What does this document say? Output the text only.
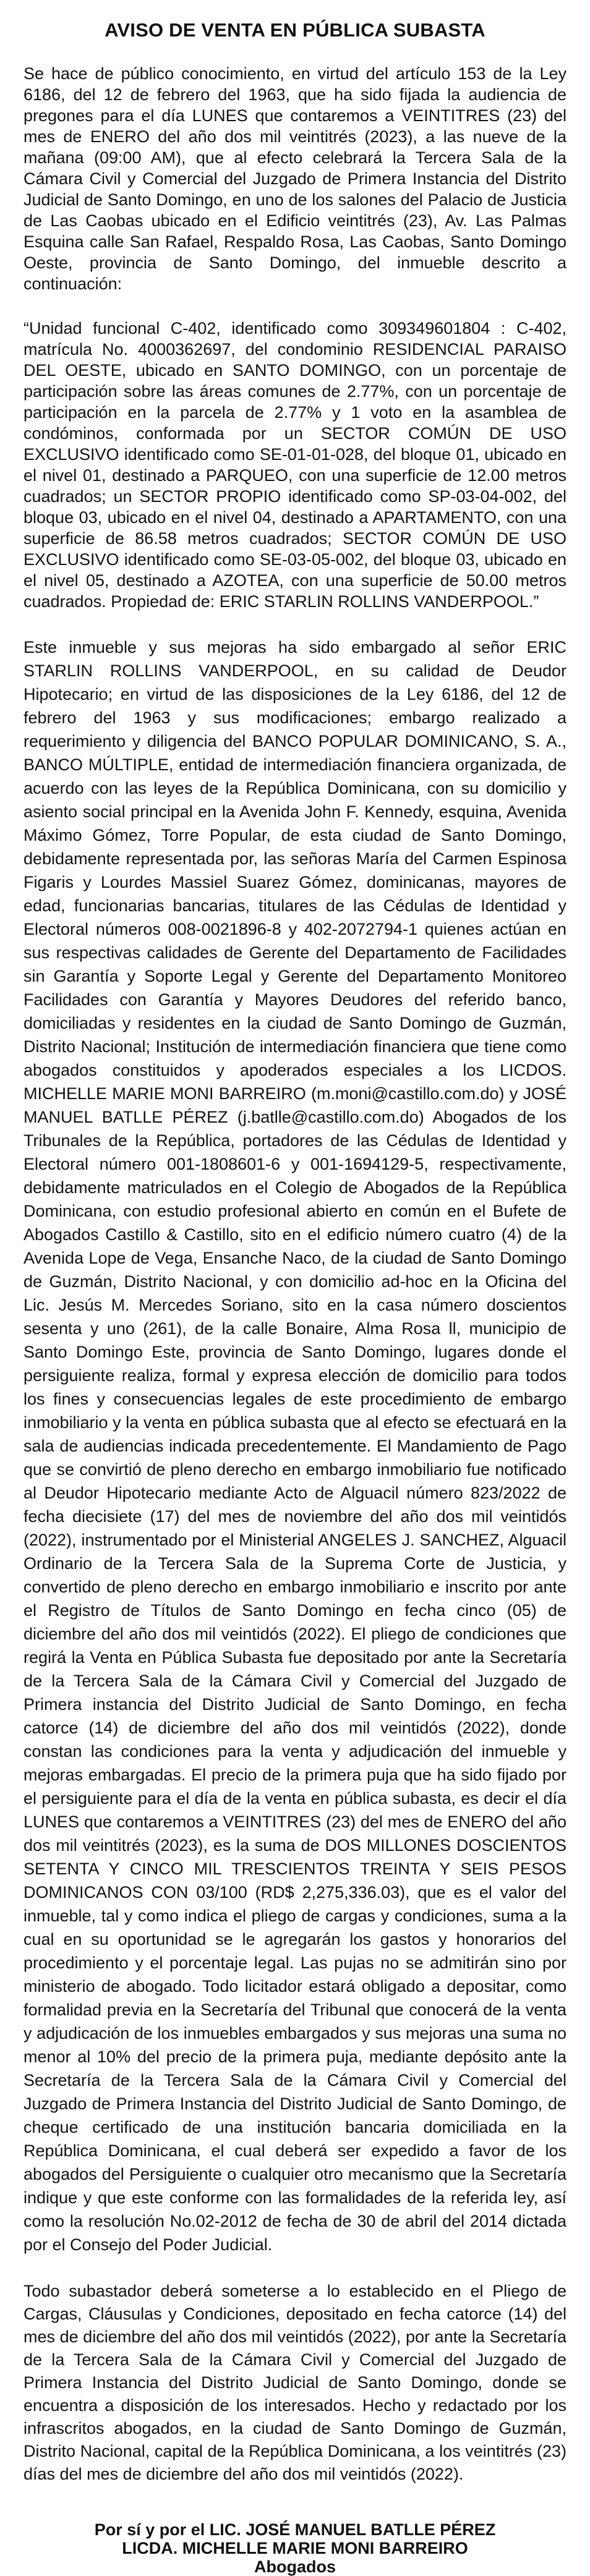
AVISO DE VENTA EN PÚBLICA SUBASTA

Se hace de público conocimiento, en virtud del artículo 153 de la Ley 6186, del 12 de febrero del 1963, que ha sido fijada la audiencia de pregones para el día LUNES que contaremos a VEINTITRES (23) del mes de ENERO del año dos mil veintitrés (2023), a las nueve de la mañana (09:00 AM), que al efecto celebrará la Tercera Sala de la Cámara Civil y Comercial del Juzgado de Primera Instancia del Distrito Judicial de Santo Domingo, en uno de los salones del Palacio de Justicia de Las Caobas ubicado en el Edificio veintitrés (23), Av. Las Palmas Esquina calle San Rafael, Respaldo Rosa, Las Caobas, Santo Domingo Oeste, provincia de Santo Domingo, del inmueble descrito a continuación:

“Unidad funcional C-402, identificado como 309349601804 : C-402, matrícula No. 4000362697, del condominio RESIDENCIAL PARAISO DEL OESTE, ubicado en SANTO DOMINGO, con un porcentaje de participación sobre las áreas comunes de 2.77%, con un porcentaje de participación en la parcela de 2.77% y 1 voto en la asamblea de condóminos, conformada por un SECTOR COMÚN DE USO EXCLUSIVO identificado como SE-01-01-028, del bloque 01, ubicado en el nivel 01, destinado a PARQUEO, con una superficie de 12.00 metros cuadrados; un SECTOR PROPIO identificado como SP-03-04-002, del bloque 03, ubicado en el nivel 04, destinado a APARTAMENTO, con una superficie de 86.58 metros cuadrados; SECTOR COMÚN DE USO EXCLUSIVO identificado como SE-03-05-002, del bloque 03, ubicado en el nivel 05, destinado a AZOTEA, con una superficie de 50.00 metros cuadrados. Propiedad de: ERIC STARLIN ROLLINS VANDERPOOL.”

Este inmueble y sus mejoras ha sido embargado al señor ERIC STARLIN ROLLINS VANDERPOOL, en su calidad de Deudor Hipotecario; en virtud de las disposiciones de la Ley 6186, del 12 de febrero del 1963 y sus modificaciones; embargo realizado a requerimiento y diligencia del BANCO POPULAR DOMINICANO, S. A., BANCO MÚLTIPLE, entidad de intermediación financiera organizada, de acuerdo con las leyes de la República Dominicana, con su domicilio y asiento social principal en la Avenida John F. Kennedy, esquina, Avenida Máximo Gómez, Torre Popular, de esta ciudad de Santo Domingo, debidamente representada por, las señoras María del Carmen Espinosa Figaris y Lourdes Massiel Suarez Gómez, dominicanas, mayores de edad, funcionarias bancarias, titulares de las Cédulas de Identidad y Electoral números 008-0021896-8 y 402-2072794-1 quienes actúan en sus respectivas calidades de Gerente del Departamento de Facilidades sin Garantía y Soporte Legal y Gerente del Departamento Monitoreo Facilidades con Garantía y Mayores Deudores del referido banco, domiciliadas y residentes en la ciudad de Santo Domingo de Guzmán, Distrito Nacional; Institución de intermediación financiera que tiene como abogados constituidos y apoderados especiales a los LICDOS. MICHELLE MARIE MONI BARREIRO (m.moni@castillo.com.do) y JOSÉ MANUEL BATLLE PÉREZ (j.batlle@castillo.com.do) Abogados de los Tribunales de la República, portadores de las Cédulas de Identidad y Electoral número 001-1808601-6 y 001-1694129-5, respectivamente, debidamente matriculados en el Colegio de Abogados de la República Dominicana, con estudio profesional abierto en común en el Bufete de Abogados Castillo & Castillo, sito en el edificio número cuatro (4) de la Avenida Lope de Vega, Ensanche Naco, de la ciudad de Santo Domingo de Guzmán, Distrito Nacional, y con domicilio ad-hoc en la Oficina del Lic. Jesús M. Mercedes Soriano, sito en la casa número doscientos sesenta y uno (261), de la calle Bonaire, Alma Rosa ll, municipio de Santo Domingo Este, provincia de Santo Domingo, lugares donde el persiguiente realiza, formal y expresa elección de domicilio para todos los fines y consecuencias legales de este procedimiento de embargo inmobiliario y la venta en pública subasta que al efecto se efectuará en la sala de audiencias indicada precedentemente. El Mandamiento de Pago que se convirtió de pleno derecho en embargo inmobiliario fue notificado al Deudor Hipotecario mediante Acto de Alguacil número 823/2022 de fecha diecisiete (17) del mes de noviembre del año dos mil veintidós (2022), instrumentado por el Ministerial ANGELES J. SANCHEZ, Alguacil Ordinario de la Tercera Sala de la Suprema Corte de Justicia, y convertido de pleno derecho en embargo inmobiliario e inscrito por ante el Registro de Títulos de Santo Domingo en fecha cinco (05) de diciembre del año dos mil veintidós (2022). El pliego de condiciones que regirá la Venta en Pública Subasta fue depositado por ante la Secretaría de la Tercera Sala de la Cámara Civil y Comercial del Juzgado de Primera instancia del Distrito Judicial de Santo Domingo, en fecha catorce (14) de diciembre del año dos mil veintidós (2022), donde constan las condiciones para la venta y adjudicación del inmueble y mejoras embargadas. El precio de la primera puja que ha sido fijado por el persiguiente para el día de la venta en pública subasta, es decir el día LUNES que contaremos a VEINTITRES (23) del mes de ENERO del año dos mil veintitrés (2023), es la suma de DOS MILLONES DOSCIENTOS SETENTA Y CINCO MIL TRESCIENTOS TREINTA Y SEIS PESOS DOMINICANOS CON 03/100 (RD$ 2,275,336.03), que es el valor del inmueble, tal y como indica el pliego de cargas y condiciones, suma a la cual en su oportunidad se le agregarán los gastos y honorarios del procedimiento y el porcentaje legal. Las pujas no se admitirán sino por ministerio de abogado. Todo licitador estará obligado a depositar, como formalidad previa en la Secretaría del Tribunal que conocerá de la venta y adjudicación de los inmuebles embargados y sus mejoras una suma no menor al 10% del precio de la primera puja, mediante depósito ante la Secretaría de la Tercera Sala de la Cámara Civil y Comercial del Juzgado de Primera Instancia del Distrito Judicial de Santo Domingo, de cheque certificado de una institución bancaria domiciliada en la República Dominicana, el cual deberá ser expedido a favor de los abogados del Persiguiente o cualquier otro mecanismo que la Secretaría indique y que este conforme con las formalidades de la referida ley, así como la resolución No.02-2012 de fecha de 30 de abril del 2014 dictada por el Consejo del Poder Judicial.

Todo subastador deberá someterse a lo establecido en el Pliego de Cargas, Cláusulas y Condiciones, depositado en fecha catorce (14) del mes de diciembre del año dos mil veintidós (2022), por ante la Secretaría de la Tercera Sala de la Cámara Civil y Comercial del Juzgado de Primera Instancia del Distrito Judicial de Santo Domingo, donde se encuentra a disposición de los interesados. Hecho y redactado por los infrascritos abogados, en la ciudad de Santo Domingo de Guzmán, Distrito Nacional, capital de la República Dominicana, a los veintitrés (23) días del mes de diciembre del año dos mil veintidós (2022).

Por sí y por el LIC. JOSÉ MANUEL BATLLE PÉREZ
LICDA. MICHELLE MARIE MONI BARREIRO
Abogados
